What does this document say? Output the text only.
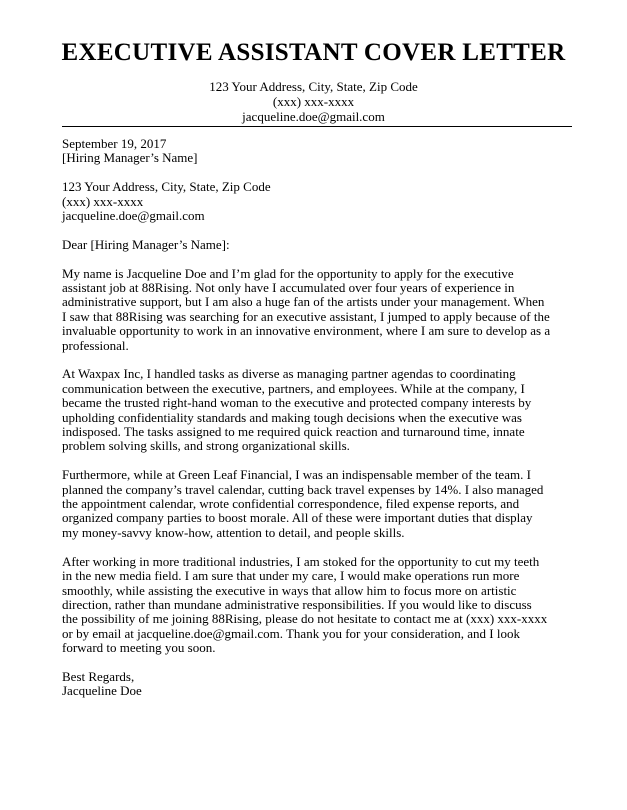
EXECUTIVE ASSISTANT COVER LETTER
123 Your Address, City, State, Zip Code
(xxx) xxx-xxxx
jacqueline.doe@gmail.com
September 19, 2017
[Hiring Manager’s Name]
123 Your Address, City, State, Zip Code
(xxx) xxx-xxxx
jacqueline.doe@gmail.com
Dear [Hiring Manager’s Name]:
My name is Jacqueline Doe and I’m glad for the opportunity to apply for the executive
assistant job at 88Rising. Not only have I accumulated over four years of experience in
administrative support, but I am also a huge fan of the artists under your management. When
I saw that 88Rising was searching for an executive assistant, I jumped to apply because of the
invaluable opportunity to work in an innovative environment, where I am sure to develop as a
professional.
At Waxpax Inc, I handled tasks as diverse as managing partner agendas to coordinating
communication between the executive, partners, and employees. While at the company, I
became the trusted right-hand woman to the executive and protected company interests by
upholding confidentiality standards and making tough decisions when the executive was
indisposed. The tasks assigned to me required quick reaction and turnaround time, innate
problem solving skills, and strong organizational skills.
Furthermore, while at Green Leaf Financial, I was an indispensable member of the team. I
planned the company’s travel calendar, cutting back travel expenses by 14%. I also managed
the appointment calendar, wrote confidential correspondence, filed expense reports, and
organized company parties to boost morale. All of these were important duties that display
my money-savvy know-how, attention to detail, and people skills.
After working in more traditional industries, I am stoked for the opportunity to cut my teeth
in the new media field. I am sure that under my care, I would make operations run more
smoothly, while assisting the executive in ways that allow him to focus more on artistic
direction, rather than mundane administrative responsibilities. If you would like to discuss
the possibility of me joining 88Rising, please do not hesitate to contact me at (xxx) xxx-xxxx
or by email at jacqueline.doe@gmail.com. Thank you for your consideration, and I look
forward to meeting you soon.
Best Regards,
Jacqueline Doe
